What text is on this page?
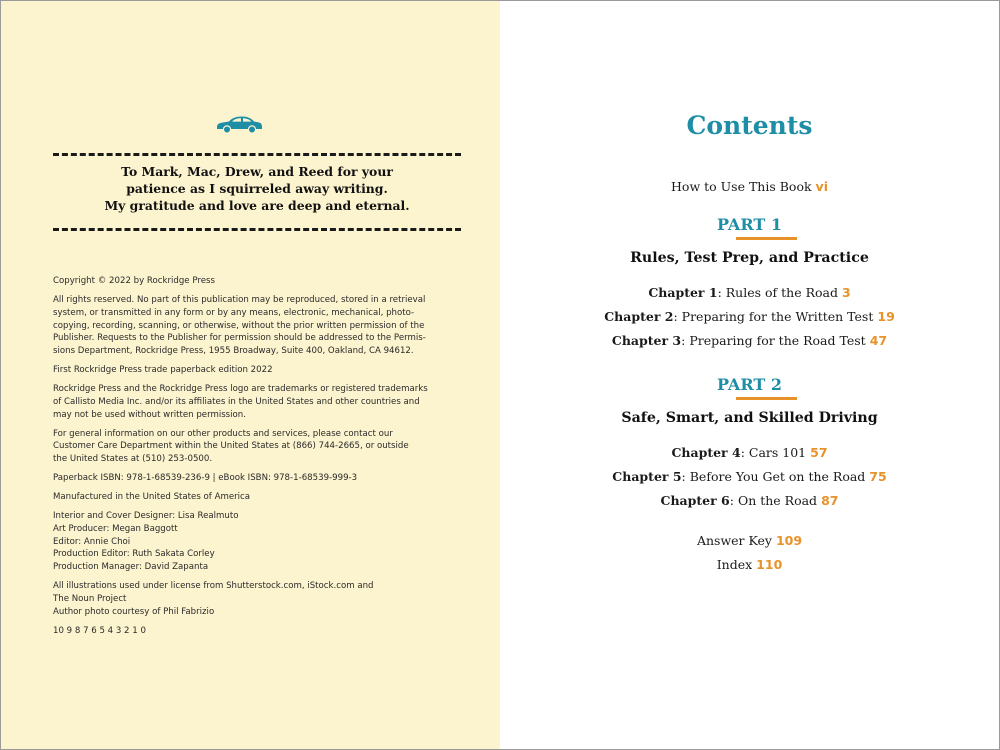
To Mark, Mac, Drew, and Reed for your
patience as I squirreled away writing.
My gratitude and love are deep and eternal.

Copyright © 2022 by Rockridge Press

All rights reserved. No part of this publication may be reproduced, stored in a retrieval
system, or transmitted in any form or by any means, electronic, mechanical, photo-
copying, recording, scanning, or otherwise, without the prior written permission of the
Publisher. Requests to the Publisher for permission should be addressed to the Permis-
sions Department, Rockridge Press, 1955 Broadway, Suite 400, Oakland, CA 94612.

First Rockridge Press trade paperback edition 2022

Rockridge Press and the Rockridge Press logo are trademarks or registered trademarks
of Callisto Media Inc. and/or its affiliates in the United States and other countries and
may not be used without written permission.

For general information on our other products and services, please contact our
Customer Care Department within the United States at (866) 744-2665, or outside
the United States at (510) 253-0500.

Paperback ISBN: 978-1-68539-236-9 | eBook ISBN: 978-1-68539-999-3

Manufactured in the United States of America

Interior and Cover Designer: Lisa Realmuto
Art Producer: Megan Baggott
Editor: Annie Choi
Production Editor: Ruth Sakata Corley
Production Manager: David Zapanta

All illustrations used under license from Shutterstock.com, iStock.com and
The Noun Project
Author photo courtesy of Phil Fabrizio

10 9 8 7 6 5 4 3 2 1 0

Contents
How to Use This Book vi
PART 1
Rules, Test Prep, and Practice
Chapter 1: Rules of the Road 3
Chapter 2: Preparing for the Written Test 19
Chapter 3: Preparing for the Road Test 47
PART 2
Safe, Smart, and Skilled Driving
Chapter 4: Cars 101 57
Chapter 5: Before You Get on the Road 75
Chapter 6: On the Road 87
Answer Key 109
Index 110
